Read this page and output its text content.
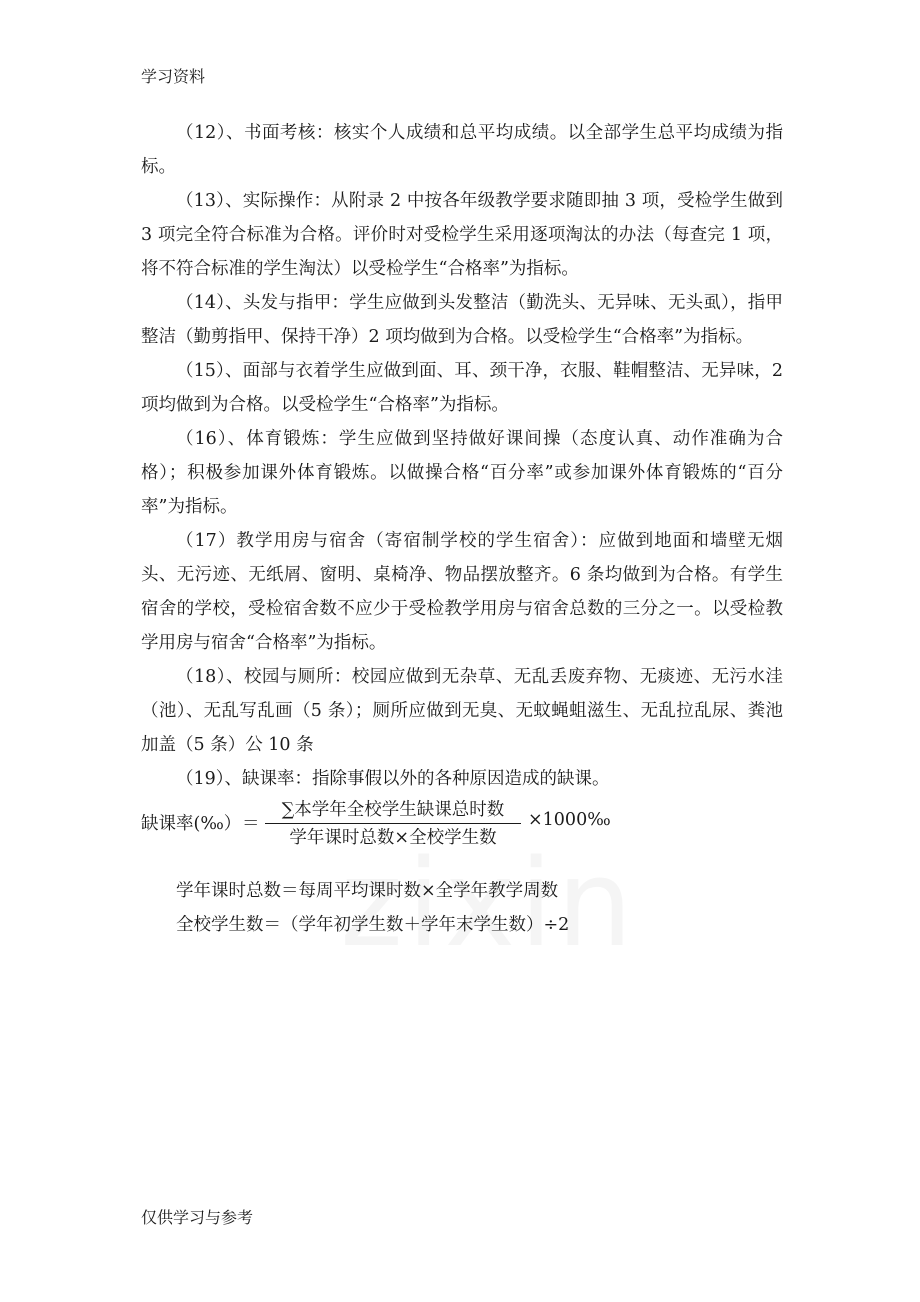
学习资料

（12）、书面考核：核实个人成绩和总平均成绩。以全部学生总平均成绩为指标。

（13）、实际操作：从附录 2 中按各年级教学要求随即抽 3 项，受检学生做到 3 项完全符合标准为合格。评价时对受检学生采用逐项淘汰的办法（每查完 1 项，将不符合标准的学生淘汰）以受检学生“合格率”为指标。

（14）、头发与指甲：学生应做到头发整洁（勤洗头、无异味、无头虱），指甲整洁（勤剪指甲、保持干净）2 项均做到为合格。以受检学生“合格率”为指标。

（15）、面部与衣着学生应做到面、耳、颈干净，衣服、鞋帽整洁、无异味，2 项均做到为合格。以受检学生“合格率”为指标。

（16）、体育锻炼：学生应做到坚持做好课间操（态度认真、动作准确为合格）；积极参加课外体育锻炼。以做操合格“百分率”或参加课外体育锻炼的“百分率”为指标。

（17）教学用房与宿舍（寄宿制学校的学生宿舍）：应做到地面和墙壁无烟头、无污迹、无纸屑、窗明、桌椅净、物品摆放整齐。6 条均做到为合格。有学生宿舍的学校，受检宿舍数不应少于受检教学用房与宿舍总数的三分之一。以受检教学用房与宿舍“合格率”为指标。

（18）、校园与厕所：校园应做到无杂草、无乱丢废弃物、无痰迹、无污水洼（池）、无乱写乱画（5 条）；厕所应做到无臭、无蚊蝇蛆滋生、无乱拉乱尿、粪池加盖（5 条）公 10 条

（19）、缺课率：指除事假以外的各种原因造成的缺课。

缺课率(‰） ＝
∑本学年全校学生缺课总时数
学年课时总数×全校学生数
×1000‰

学年课时总数＝每周平均课时数×全学年教学周数

全校学生数＝（学年初学生数＋学年末学生数）÷2

仅供学习与参考
